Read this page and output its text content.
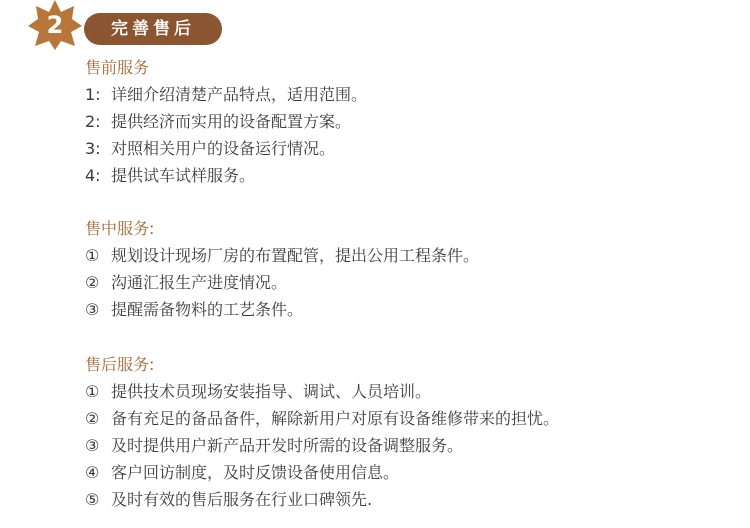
2	完善售后
售前服务
1: 详细介绍清楚产品特点，适用范围。
2: 提供经济而实用的设备配置方案。
3: 对照相关用户的设备运行情况。
4: 提供试车试样服务。
售中服务:
① 规划设计现场厂房的布置配管，提出公用工程条件。
② 沟通汇报生产进度情况。
③ 提醒需备物料的工艺条件。
售后服务:
① 提供技术员现场安装指导、调试、人员培训。
② 备有充足的备品备件，解除新用户对原有设备维修带来的担忧。
③ 及时提供用户新产品开发时所需的设备调整服务。
④ 客户回访制度，及时反馈设备使用信息。
⑤ 及时有效的售后服务在行业口碑领先.
